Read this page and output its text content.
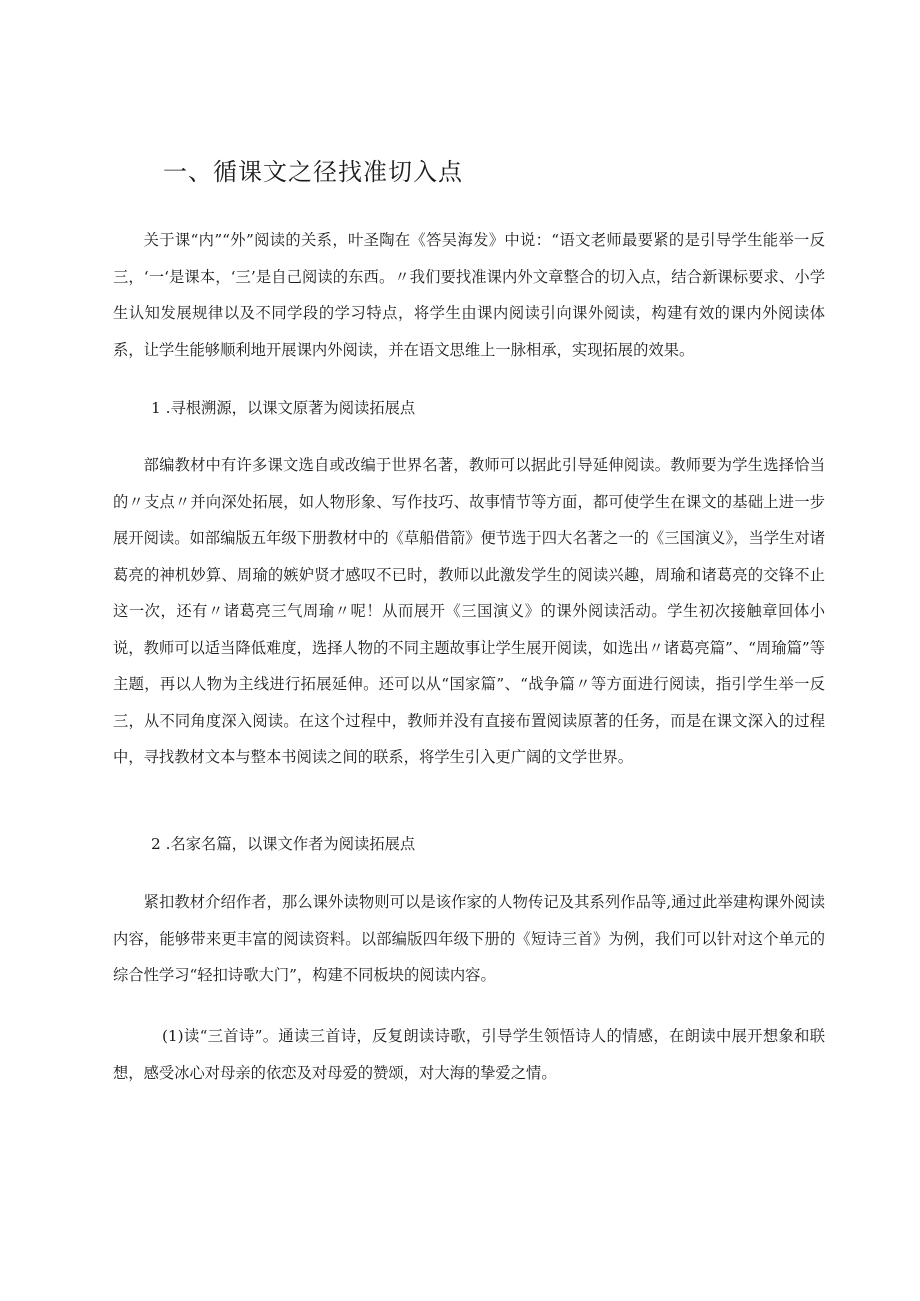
一、循课文之径找准切入点

关于课“内”“外”阅读的关系，叶圣陶在《答吴海发》中说：“语文老师最要紧的是引导学生能举一反三，‘一‘是课本，‘三’是自己阅读的东西。〃我们要找准课内外文章整合的切入点，结合新课标要求、小学生认知发展规律以及不同学段的学习特点，将学生由课内阅读引向课外阅读，构建有效的课内外阅读体系，让学生能够顺利地开展课内外阅读，并在语文思维上一脉相承，实现拓展的效果。

1 .寻根溯源，以课文原著为阅读拓展点

部编教材中有许多课文选自或改编于世界名著，教师可以据此引导延伸阅读。教师要为学生选择恰当的〃支点〃并向深处拓展，如人物形象、写作技巧、故事情节等方面，都可使学生在课文的基础上进一步展开阅读。如部编版五年级下册教材中的《草船借箭》便节选于四大名著之一的《三国演义》，当学生对诸葛亮的神机妙算、周瑜的嫉妒贤才感叹不已时，教师以此激发学生的阅读兴趣，周瑜和诸葛亮的交锋不止这一次，还有〃诸葛亮三气周瑜〃呢！从而展开《三国演义》的课外阅读活动。学生初次接触章回体小说，教师可以适当降低难度，选择人物的不同主题故事让学生展开阅读，如选出〃诸葛亮篇”、“周瑜篇”等主题，再以人物为主线进行拓展延伸。还可以从“国家篇”、“战争篇〃等方面进行阅读，指引学生举一反三，从不同角度深入阅读。在这个过程中，教师并没有直接布置阅读原著的任务，而是在课文深入的过程中，寻找教材文本与整本书阅读之间的联系，将学生引入更广阔的文学世界。

2 .名家名篇，以课文作者为阅读拓展点

紧扣教材介绍作者，那么课外读物则可以是该作家的人物传记及其系列作品等,通过此举建构课外阅读内容，能够带来更丰富的阅读资料。以部编版四年级下册的《短诗三首》为例，我们可以针对这个单元的综合性学习“轻扣诗歌大门”，构建不同板块的阅读内容。

(1)读“三首诗”。通读三首诗，反复朗读诗歌，引导学生领悟诗人的情感，在朗读中展开想象和联想，感受冰心对母亲的依恋及对母爱的赞颂，对大海的挚爱之情。
